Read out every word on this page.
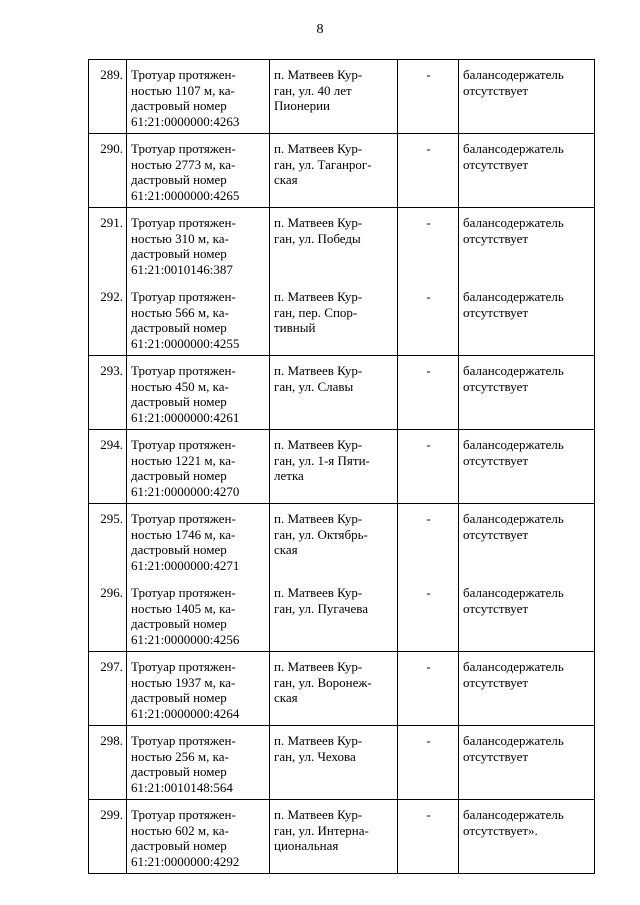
8
289.	Тротуар протяжен-
ностью 1107 м, ка-
дастровый номер
61:21:0000000:4263	п. Матвеев Кур-
ган, ул. 40 лет
Пионерии	-	балансодержатель
отсутствует

290.	Тротуар протяжен-
ностью 2773 м, ка-
дастровый номер
61:21:0000000:4265	п. Матвеев Кур-
ган, ул. Таганрог-
ская	-	балансодержатель
отсутствует

291.	Тротуар протяжен-
ностью 310 м, ка-
дастровый номер
61:21:0010146:387	п. Матвеев Кур-
ган, ул. Победы	-	балансодержатель
отсутствует

292.	Тротуар протяжен-
ностью 566 м, ка-
дастровый номер
61:21:0000000:4255	п. Матвеев Кур-
ган, пер. Спор-
тивный	-	балансодержатель
отсутствует

293.	Тротуар протяжен-
ностью 450 м, ка-
дастровый номер
61:21:0000000:4261	п. Матвеев Кур-
ган, ул. Славы	-	балансодержатель
отсутствует

294.	Тротуар протяжен-
ностью 1221 м, ка-
дастровый номер
61:21:0000000:4270	п. Матвеев Кур-
ган, ул. 1-я Пяти-
летка	-	балансодержатель
отсутствует

295.	Тротуар протяжен-
ностью 1746 м, ка-
дастровый номер
61:21:0000000:4271	п. Матвеев Кур-
ган, ул. Октябрь-
ская	-	балансодержатель
отсутствует

296.	Тротуар протяжен-
ностью 1405 м, ка-
дастровый номер
61:21:0000000:4256	п. Матвеев Кур-
ган, ул. Пугачева	-	балансодержатель
отсутствует

297.	Тротуар протяжен-
ностью 1937 м, ка-
дастровый номер
61:21:0000000:4264	п. Матвеев Кур-
ган, ул. Воронеж-
ская	-	балансодержатель
отсутствует

298.	Тротуар протяжен-
ностью 256 м, ка-
дастровый номер
61:21:0010148:564	п. Матвеев Кур-
ган, ул. Чехова	-	балансодержатель
отсутствует

299.	Тротуар протяжен-
ностью 602 м, ка-
дастровый номер
61:21:0000000:4292	п. Матвеев Кур-
ган, ул. Интерна-
циональная	-	балансодержатель
отсутствует».
